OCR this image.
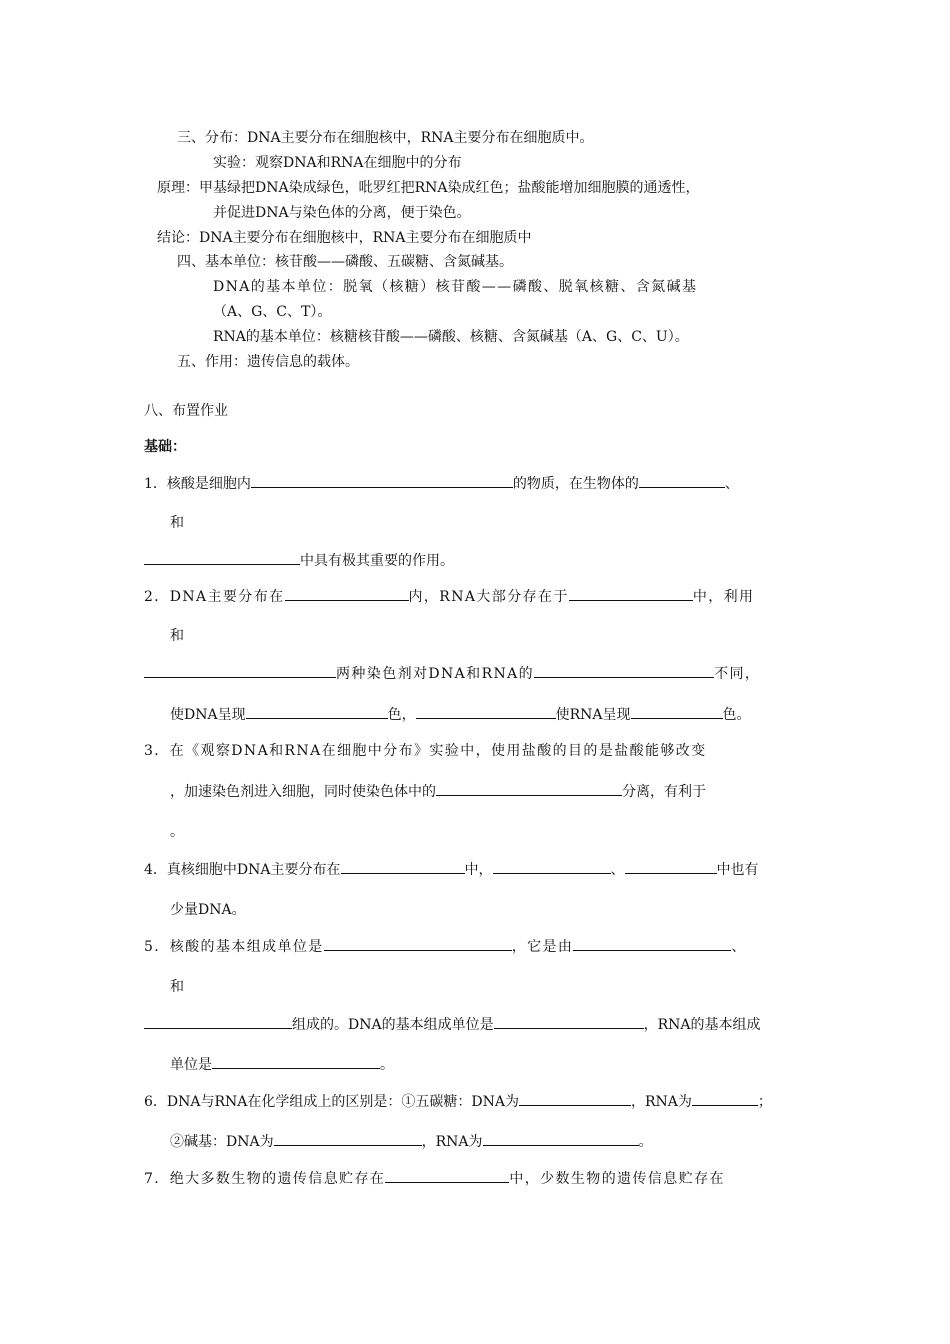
三、分布：DNA主要分布在细胞核中，RNA主要分布在细胞质中。
实验：观察DNA和RNA在细胞中的分布
原理：甲基绿把DNA染成绿色，吡罗红把RNA染成红色；盐酸能增加细胞膜的通透性，
并促进DNA与染色体的分离，便于染色。
结论：DNA主要分布在细胞核中，RNA主要分布在细胞质中
四、基本单位：核苷酸——磷酸、五碳糖、含氮碱基。
DNA的基本单位：脱氧（核糖）核苷酸——磷酸、脱氧核糖、含氮碱基
（A、G、C、T）。
RNA的基本单位：核糖核苷酸——磷酸、核糖、含氮碱基（A、G、C、U）。
五、作用：遗传信息的载体。
八、布置作业
基础：
1．核酸是细胞内	的物质，在生物体的	、
和
中具有极其重要的作用。
2．DNA主要分布在	内，RNA大部分存在于	中，利用
和
两种染色剂对DNA和RNA的	不同，
使DNA呈现	色，	使RNA呈现	色。
3．在《观察DNA和RNA在细胞中分布》实验中，使用盐酸的目的是盐酸能够改变
，加速染色剂进入细胞，同时使染色体中的	分离，有利于
。
4．真核细胞中DNA主要分布在	中，	、	中也有
少量DNA。
5．核酸的基本组成单位是	，它是由	、
和
组成的。DNA的基本组成单位是	，RNA的基本组成
单位是	。
6．DNA与RNA在化学组成上的区别是：①五碳糖：DNA为	，RNA为	；
②碱基：DNA为	，RNA为	。
7．绝大多数生物的遗传信息贮存在	中，少数生物的遗传信息贮存在
